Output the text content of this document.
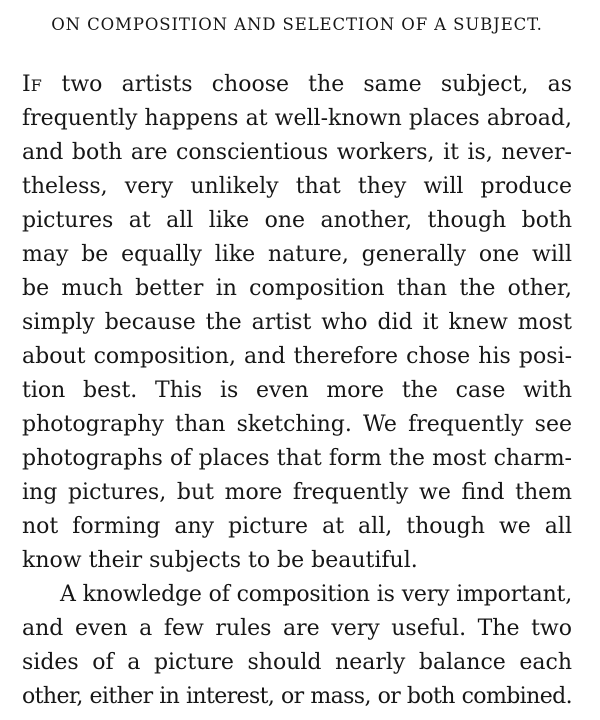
ON COMPOSITION AND SELECTION OF A SUBJECT.
IF two artists choose the same subject, as
frequently happens at well-known places abroad,
and both are conscientious workers, it is, never-
theless, very unlikely that they will produce
pictures at all like one another, though both
may be equally like nature, generally one will
be much better in composition than the other,
simply because the artist who did it knew most
about composition, and therefore chose his posi-
tion best. This is even more the case with
photography than sketching. We frequently see
photographs of places that form the most charm-
ing pictures, but more frequently we find them
not forming any picture at all, though we all
know their subjects to be beautiful.
A knowledge of composition is very important,
and even a few rules are very useful. The two
sides of a picture should nearly balance each
other, either in interest, or mass, or both combined.
